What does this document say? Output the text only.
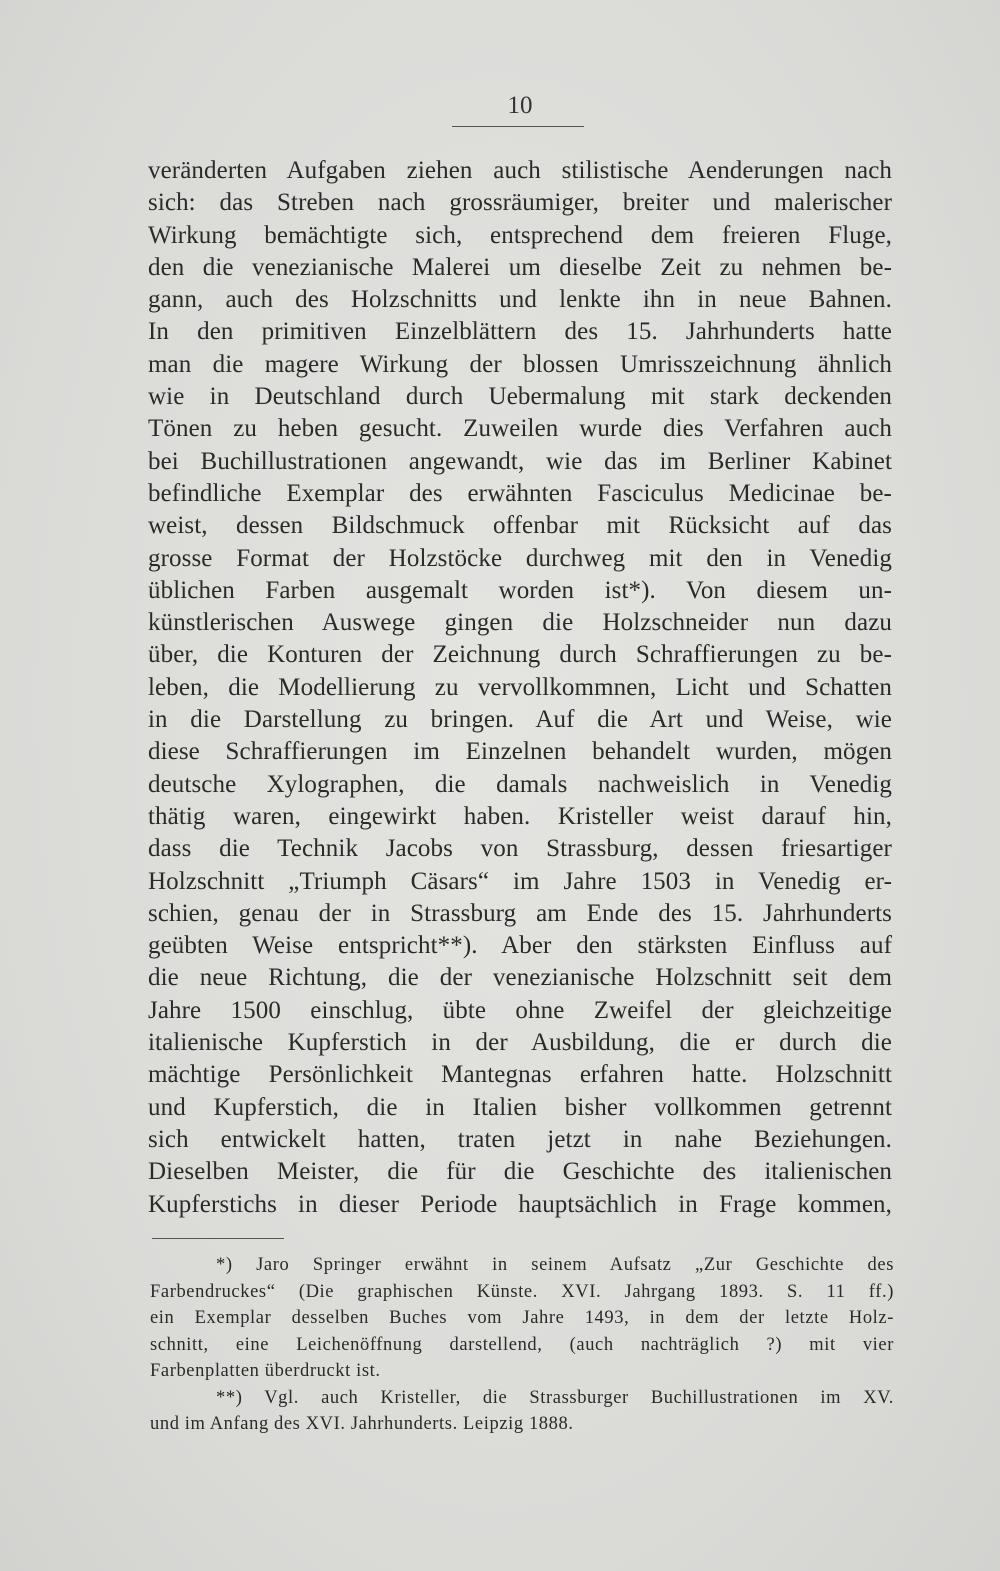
10
veränderten Aufgaben ziehen auch stilistische Aenderungen nach
sich: das Streben nach grossräumiger, breiter und malerischer
Wirkung bemächtigte sich, entsprechend dem freieren Fluge,
den die venezianische Malerei um dieselbe Zeit zu nehmen be-
gann, auch des Holzschnitts und lenkte ihn in neue Bahnen.
In den primitiven Einzelblättern des 15. Jahrhunderts hatte
man die magere Wirkung der blossen Umrisszeichnung ähnlich
wie in Deutschland durch Uebermalung mit stark deckenden
Tönen zu heben gesucht. Zuweilen wurde dies Verfahren auch
bei Buchillustrationen angewandt, wie das im Berliner Kabinet
befindliche Exemplar des erwähnten Fasciculus Medicinae be-
weist, dessen Bildschmuck offenbar mit Rücksicht auf das
grosse Format der Holzstöcke durchweg mit den in Venedig
üblichen Farben ausgemalt worden ist*). Von diesem un-
künstlerischen Auswege gingen die Holzschneider nun dazu
über, die Konturen der Zeichnung durch Schraffierungen zu be-
leben, die Modellierung zu vervollkommnen, Licht und Schatten
in die Darstellung zu bringen. Auf die Art und Weise, wie
diese Schraffierungen im Einzelnen behandelt wurden, mögen
deutsche Xylographen, die damals nachweislich in Venedig
thätig waren, eingewirkt haben. Kristeller weist darauf hin,
dass die Technik Jacobs von Strassburg, dessen friesartiger
Holzschnitt „Triumph Cäsars“ im Jahre 1503 in Venedig er-
schien, genau der in Strassburg am Ende des 15. Jahrhunderts
geübten Weise entspricht**). Aber den stärksten Einfluss auf
die neue Richtung, die der venezianische Holzschnitt seit dem
Jahre 1500 einschlug, übte ohne Zweifel der gleichzeitige
italienische Kupferstich in der Ausbildung, die er durch die
mächtige Persönlichkeit Mantegnas erfahren hatte. Holzschnitt
und Kupferstich, die in Italien bisher vollkommen getrennt
sich entwickelt hatten, traten jetzt in nahe Beziehungen.
Dieselben Meister, die für die Geschichte des italienischen
Kupferstichs in dieser Periode hauptsächlich in Frage kommen,
*) Jaro Springer erwähnt in seinem Aufsatz „Zur Geschichte des
Farbendruckes“ (Die graphischen Künste. XVI. Jahrgang 1893. S. 11 ff.)
ein Exemplar desselben Buches vom Jahre 1493, in dem der letzte Holz-
schnitt, eine Leichenöffnung darstellend, (auch nachträglich ?) mit vier
Farbenplatten überdruckt ist.
**) Vgl. auch Kristeller, die Strassburger Buchillustrationen im XV.
und im Anfang des XVI. Jahrhunderts. Leipzig 1888.
